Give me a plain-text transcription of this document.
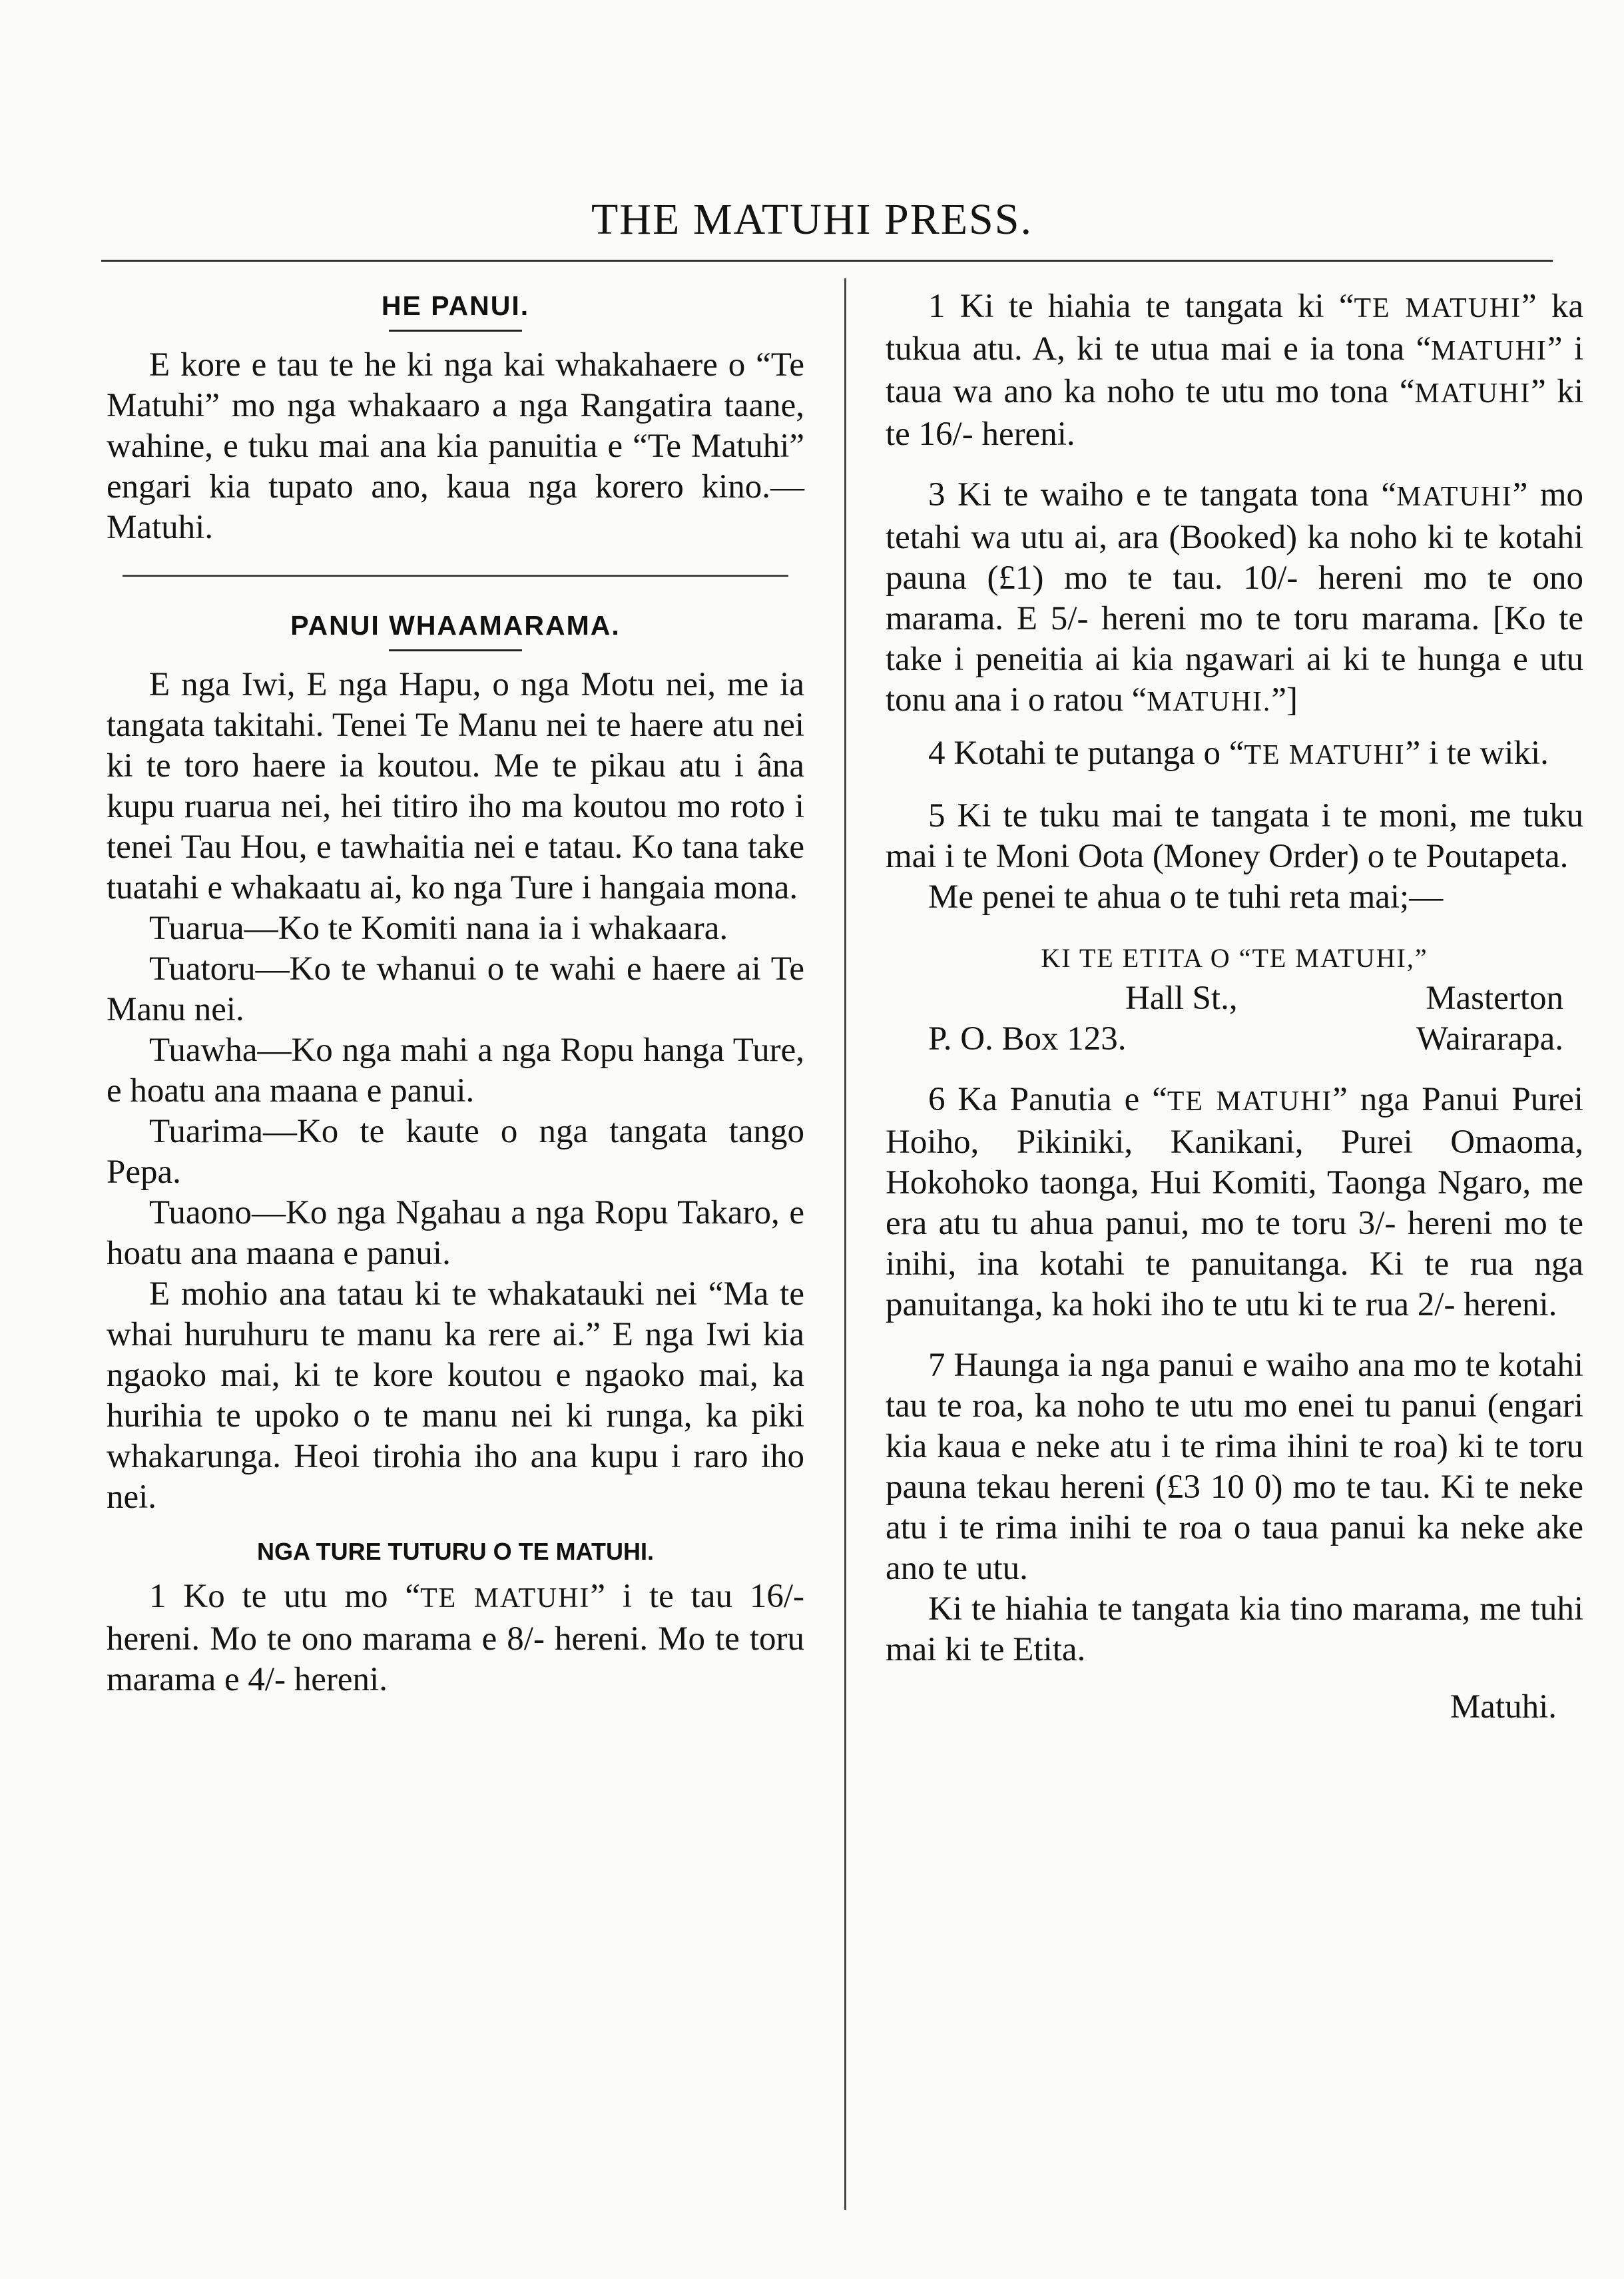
THE MATUHI PRESS.
HE PANUI.

E kore e tau te he ki nga kai whakahaere o “Te Matuhi” mo nga whakaaro a nga Rangatira taane, wahine, e tuku mai ana kia panuitia e “Te Matuhi” engari kia tupato ano, kaua nga korero kino.—Matuhi.

PANUI WHAAMARAMA.

E nga Iwi, E nga Hapu, o nga Motu nei, me ia tangata takitahi. Tenei Te Manu nei te haere atu nei ki te toro haere ia koutou. Me te pikau atu i âna kupu ruarua nei, hei titiro iho ma koutou mo roto i tenei Tau Hou, e tawhaitia nei e tatau. Ko tana take tuatahi e whakaatu ai, ko nga Ture i hangaia mona.

Tuarua—Ko te Komiti nana ia i whakaara.

Tuatoru—Ko te whanui o te wahi e haere ai Te Manu nei.

Tuawha—Ko nga mahi a nga Ropu hanga Ture, e hoatu ana maana e panui.

Tuarima—Ko te kaute o nga tangata tango Pepa.

Tuaono—Ko nga Ngahau a nga Ropu Takaro, e hoatu ana maana e panui.

E mohio ana tatau ki te whakatauki nei “Ma te whai huruhuru te manu ka rere ai.” E nga Iwi kia ngaoko mai, ki te kore koutou e ngaoko mai, ka hurihia te upoko o te manu nei ki runga, ka piki whakarunga. Heoi tirohia iho ana kupu i raro iho nei.

NGA TURE TUTURU O TE MATUHI.

1 Ko te utu mo “TE MATUHI” i te tau 16/- hereni. Mo te ono marama e 8/- hereni. Mo te toru marama e 4/- hereni.

1 Ki te hiahia te tangata ki “TE MATUHI” ka tukua atu. A, ki te utua mai e ia tona “MATUHI” i taua wa ano ka noho te utu mo tona “MATUHI” ki te 16/- hereni.

3 Ki te waiho e te tangata tona “MATUHI” mo tetahi wa utu ai, ara (Booked) ka noho ki te kotahi pauna (£1) mo te tau. 10/- hereni mo te ono marama. E 5/- hereni mo te toru marama. [Ko te take i peneitia ai kia ngawari ai ki te hunga e utu tonu ana i o ratou “MATUHI.”]

4 Kotahi te putanga o “TE MATUHI” i te wiki.

5 Ki te tuku mai te tangata i te moni, me tuku mai i te Moni Oota (Money Order) o te Poutapeta.

Me penei te ahua o te tuhi reta mai;—

KI TE ETITA O “TE MATUHI,”
Hall St.,	Masterton
P. O. Box 123.	Wairarapa.

6 Ka Panutia e “TE MATUHI” nga Panui Purei Hoiho, Pikiniki, Kanikani, Purei Omaoma, Hokohoko taonga, Hui Komiti, Taonga Ngaro, me era atu tu ahua panui, mo te toru 3/- hereni mo te inihi, ina kotahi te panuitanga. Ki te rua nga panuitanga, ka hoki iho te utu ki te rua 2/- hereni.

7 Haunga ia nga panui e waiho ana mo te kotahi tau te roa, ka noho te utu mo enei tu panui (engari kia kaua e neke atu i te rima ihini te roa) ki te toru pauna tekau hereni (£3 10 0) mo te tau. Ki te neke atu i te rima inihi te roa o taua panui ka neke ake ano te utu.

Ki te hiahia te tangata kia tino marama, me tuhi mai ki te Etita.

Matuhi.
